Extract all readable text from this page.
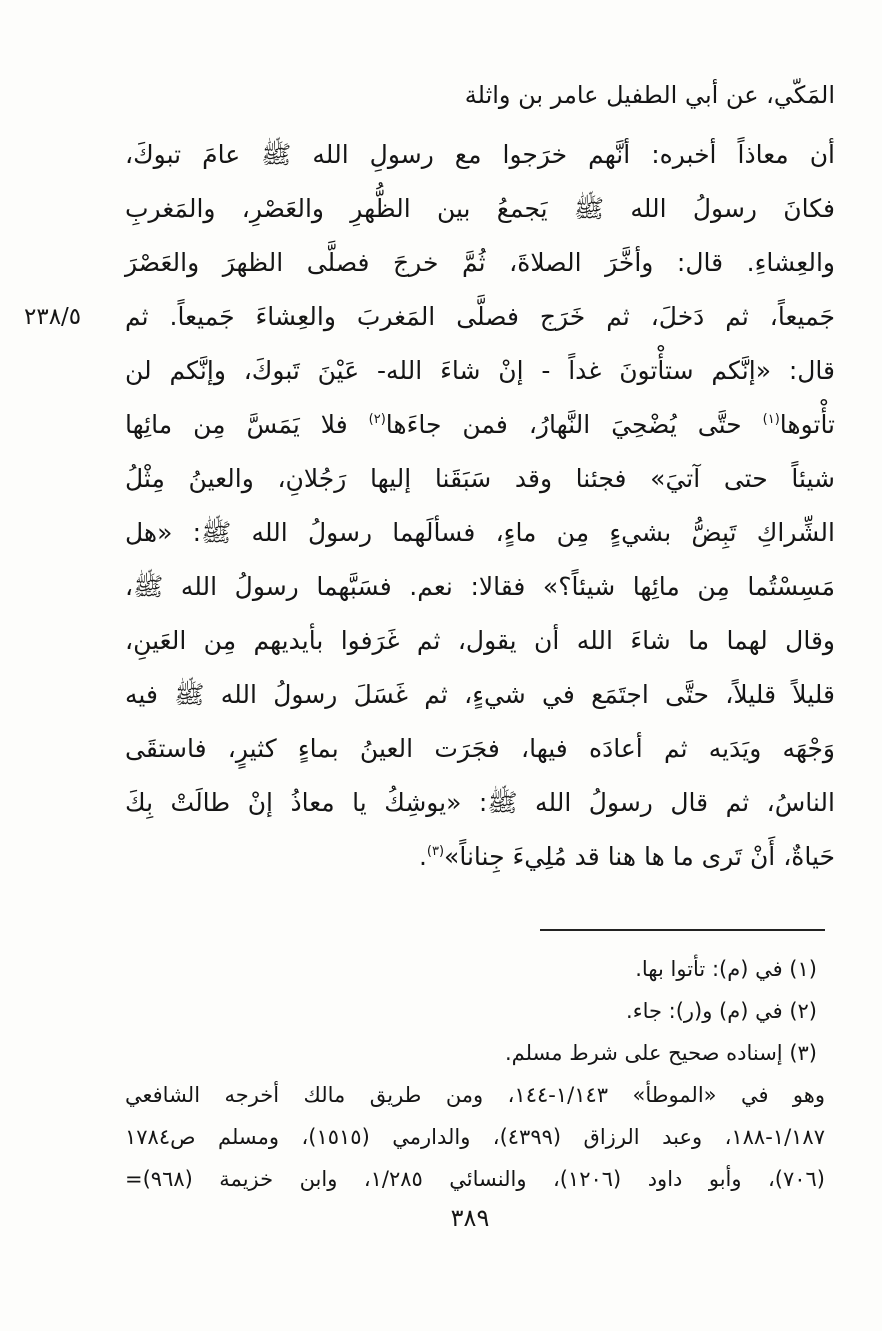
المَكّي، عن أبي الطفيل عامر بن واثلة
٢٣٨/٥
أن معاذاً أخبره: أنَّهم خرَجوا مع رسولِ الله ﷺ عامَ تبوكَ،
فكانَ رسولُ الله ﷺ يَجمعُ بين الظُّهرِ والعَصْرِ، والمَغربِ
والعِشاءِ. قال: وأخَّرَ الصلاةَ، ثُمَّ خرجَ فصلَّى الظهرَ والعَصْرَ
جَميعاً، ثم دَخلَ، ثم خَرَج فصلَّى المَغربَ والعِشاءَ جَميعاً. ثم
قال: «إنَّكم ستأْتونَ غداً - إنْ شاءَ الله- عَيْنَ تَبوكَ، وإنَّكم لن
تأْتوها$^{(١)}$ حتَّى يُضْحِيَ النَّهارُ، فمن جاءَها$^{(٢)}$ فلا يَمَسَّ مِن مائِها
شيئاً حتى آتيَ» فجئنا وقد سَبَقَنا إليها رَجُلانِ، والعينُ مِثْلُ
الشِّراكِ تَبِضُّ بشيءٍ مِن ماءٍ، فسألَهما رسولُ الله ﷺ: «هل
مَسِسْتُما مِن مائِها شيئاً؟» فقالا: نعم. فسَبَّهما رسولُ الله ﷺ،
وقال لهما ما شاءَ الله أن يقول، ثم غَرَفوا بأيديهم مِن العَينِ،
قليلاً قليلاً، حتَّى اجتَمَع في شيءٍ، ثم غَسَلَ رسولُ الله ﷺ فيه
وَجْهَه ويَدَيه ثم أعادَه فيها، فجَرَت العينُ بماءٍ كثيرٍ، فاستقَى
الناسُ، ثم قال رسولُ الله ﷺ: «يوشِكُ يا معاذُ إنْ طالَتْ بِكَ
حَياةٌ، أَنْ تَرى ما ها هنا قد مُلِيءَ جِناناً»$^{(٣)}$.
(١) في (م): تأتوا بها.
(٢) في (م) و(ر): جاء.
(٣) إسناده صحيح على شرط مسلم.
وهو في «الموطأ» ١/١٤٣-١٤٤، ومن طريق مالك أخرجه الشافعي
١/١٨٧-١٨٨، وعبد الرزاق (٤٣٩٩)، والدارمي (١٥١٥)، ومسلم ص١٧٨٤
(٧٠٦)، وأبو داود (١٢٠٦)، والنسائي ١/٢٨٥، وابن خزيمة (٩٦٨)=
٣٨٩
